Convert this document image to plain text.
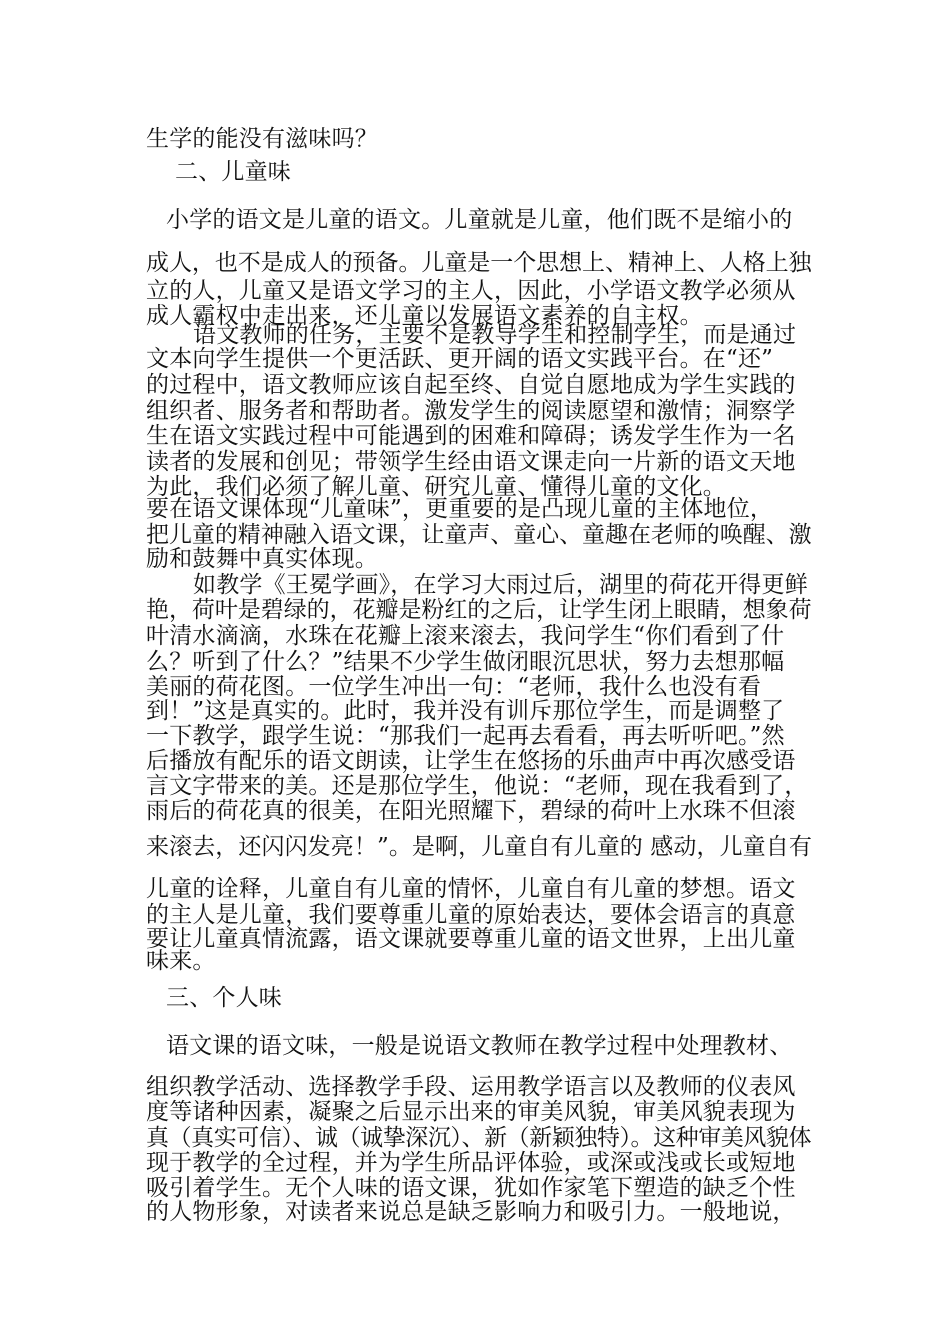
生学的能没有滋味吗？
二、儿童味
小学的语文是儿童的语文。儿童就是儿童，他们既不是缩小的
成人，也不是成人的预备。儿童是一个思想上、精神上、人格上独
立的人，儿童又是语文学习的主人，因此，小学语文教学必须从
成人霸权中走出来，还儿童以发展语文素养的自主权。
语文教师的任务，主要不是教导学生和控制学生，而是通过
文本向学生提供一个更活跃、更开阔的语文实践平台。在“还”
的过程中，语文教师应该自起至终、自觉自愿地成为学生实践的
组织者、服务者和帮助者。激发学生的阅读愿望和激情；洞察学
生在语文实践过程中可能遇到的困难和障碍；诱发学生作为一名
读者的发展和创见；带领学生经由语文课走向一片新的语文天地
为此，我们必须了解儿童、研究儿童、懂得儿童的文化。
要在语文课体现“儿童味”，更重要的是凸现儿童的主体地位，
把儿童的精神融入语文课，让童声、童心、童趣在老师的唤醒、激
励和鼓舞中真实体现。
如教学《王冕学画》，在学习大雨过后，湖里的荷花开得更鲜
艳，荷叶是碧绿的，花瓣是粉红的之后，让学生闭上眼睛，想象荷
叶清水滴滴，水珠在花瓣上滚来滚去，我问学生“你们看到了什
么？听到了什么？”结果不少学生做闭眼沉思状，努力去想那幅
美丽的荷花图。一位学生冲出一句：“老师，我什么也没有看
到！”这是真实的。此时，我并没有训斥那位学生，而是调整了
一下教学，跟学生说：“那我们一起再去看看，再去听听吧。”然
后播放有配乐的语文朗读，让学生在悠扬的乐曲声中再次感受语
言文字带来的美。还是那位学生，他说：“老师，现在我看到了，
雨后的荷花真的很美，在阳光照耀下，碧绿的荷叶上水珠不但滚
来滚去，还闪闪发亮！”。是啊，儿童自有儿童的 感动，儿童自有
儿童的诠释，儿童自有儿童的情怀，儿童自有儿童的梦想。语文
的主人是儿童，我们要尊重儿童的原始表达，要体会语言的真意
要让儿童真情流露，语文课就要尊重儿童的语文世界，上出儿童
味来。
三、个人味
语文课的语文味，一般是说语文教师在教学过程中处理教材、
组织教学活动、选择教学手段、运用教学语言以及教师的仪表风
度等诸种因素，凝聚之后显示出来的审美风貌，审美风貌表现为
真（真实可信）、诚（诚挚深沉）、新（新颖独特）。这种审美风貌体
现于教学的全过程，并为学生所品评体验，或深或浅或长或短地
吸引着学生。无个人味的语文课，犹如作家笔下塑造的缺乏个性
的人物形象，对读者来说总是缺乏影响力和吸引力。一般地说，
